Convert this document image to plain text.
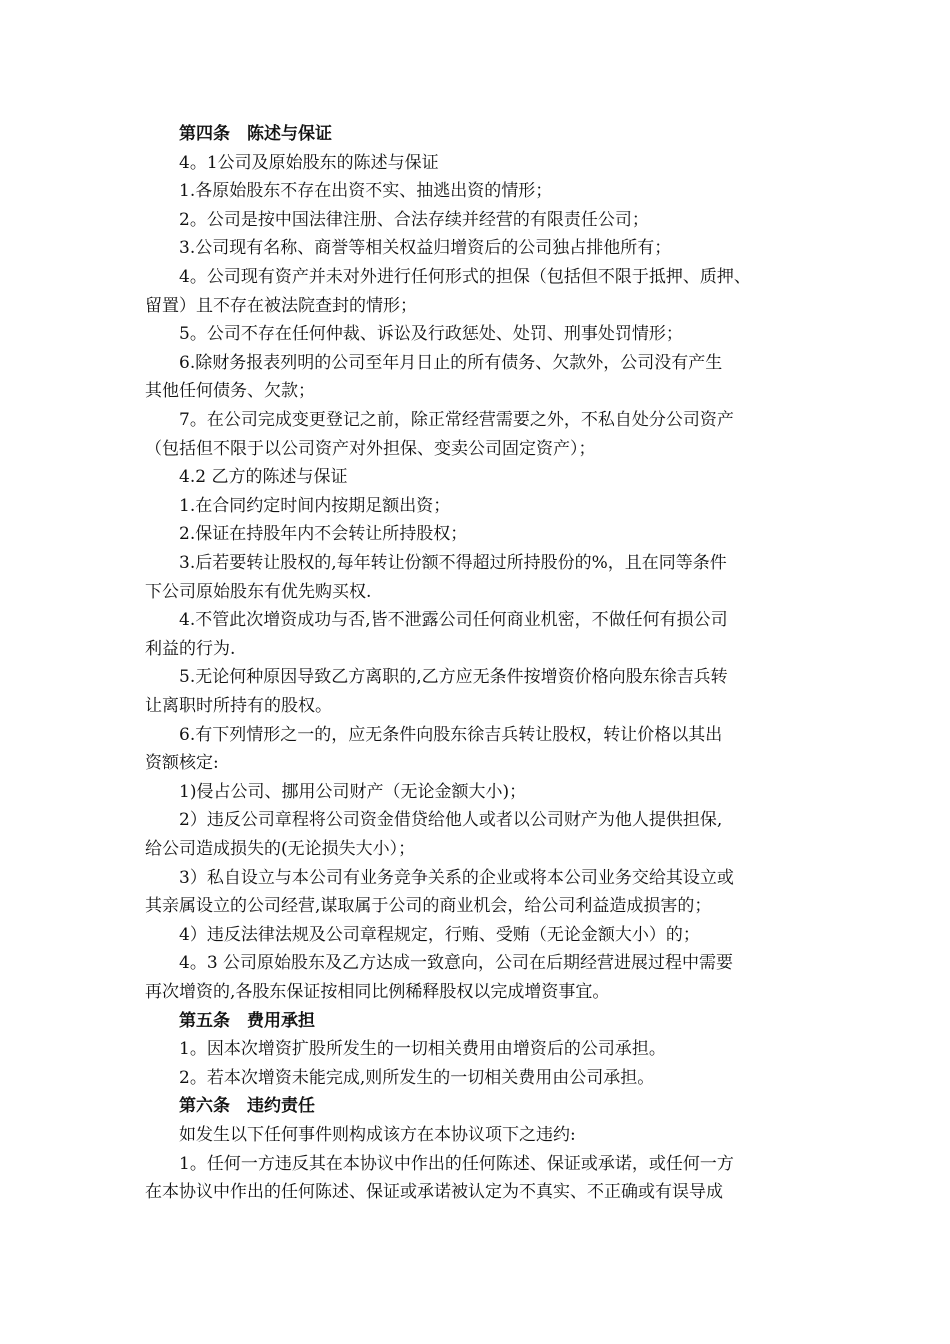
　　第四条　陈述与保证
　　4。1公司及原始股东的陈述与保证
　　1.各原始股东不存在出资不实、抽逃出资的情形；
　　2。公司是按中国法律注册、合法存续并经营的有限责任公司；
　　3.公司现有名称、商誉等相关权益归增资后的公司独占排他所有；
　　4。公司现有资产并未对外进行任何形式的担保（包括但不限于抵押、质押、
留置）且不存在被法院查封的情形；
　　5。公司不存在任何仲裁、诉讼及行政惩处、处罚、刑事处罚情形；
　　6.除财务报表列明的公司至年月日止的所有债务、欠款外，公司没有产生
其他任何债务、欠款；
　　7。在公司完成变更登记之前，除正常经营需要之外，不私自处分公司资产
（包括但不限于以公司资产对外担保、变卖公司固定资产）；
　　4.2 乙方的陈述与保证
　　1.在合同约定时间内按期足额出资；
　　2.保证在持股年内不会转让所持股权；
　　3.后若要转让股权的,每年转让份额不得超过所持股份的%，且在同等条件
下公司原始股东有优先购买权.
　　4.不管此次增资成功与否,皆不泄露公司任何商业机密，不做任何有损公司
利益的行为.
　　5.无论何种原因导致乙方离职的,乙方应无条件按增资价格向股东徐吉兵转
让离职时所持有的股权。
　　6.有下列情形之一的，应无条件向股东徐吉兵转让股权，转让价格以其出
资额核定:
　　1)侵占公司、挪用公司财产（无论金额大小)；
　　2）违反公司章程将公司资金借贷给他人或者以公司财产为他人提供担保,
给公司造成损失的(无论损失大小）；
　　3）私自设立与本公司有业务竞争关系的企业或将本公司业务交给其设立或
其亲属设立的公司经营,谋取属于公司的商业机会，给公司利益造成损害的；
　　4）违反法律法规及公司章程规定，行贿、受贿（无论金额大小）的；
　　4。3 公司原始股东及乙方达成一致意向，公司在后期经营进展过程中需要
再次增资的,各股东保证按相同比例稀释股权以完成增资事宜。
　　第五条　费用承担
　　1。因本次增资扩股所发生的一切相关费用由增资后的公司承担。
　　2。若本次增资未能完成,则所发生的一切相关费用由公司承担。
　　第六条　违约责任
　　如发生以下任何事件则构成该方在本协议项下之违约:
　　1。任何一方违反其在本协议中作出的任何陈述、保证或承诺，或任何一方
在本协议中作出的任何陈述、保证或承诺被认定为不真实、不正确或有误导成
